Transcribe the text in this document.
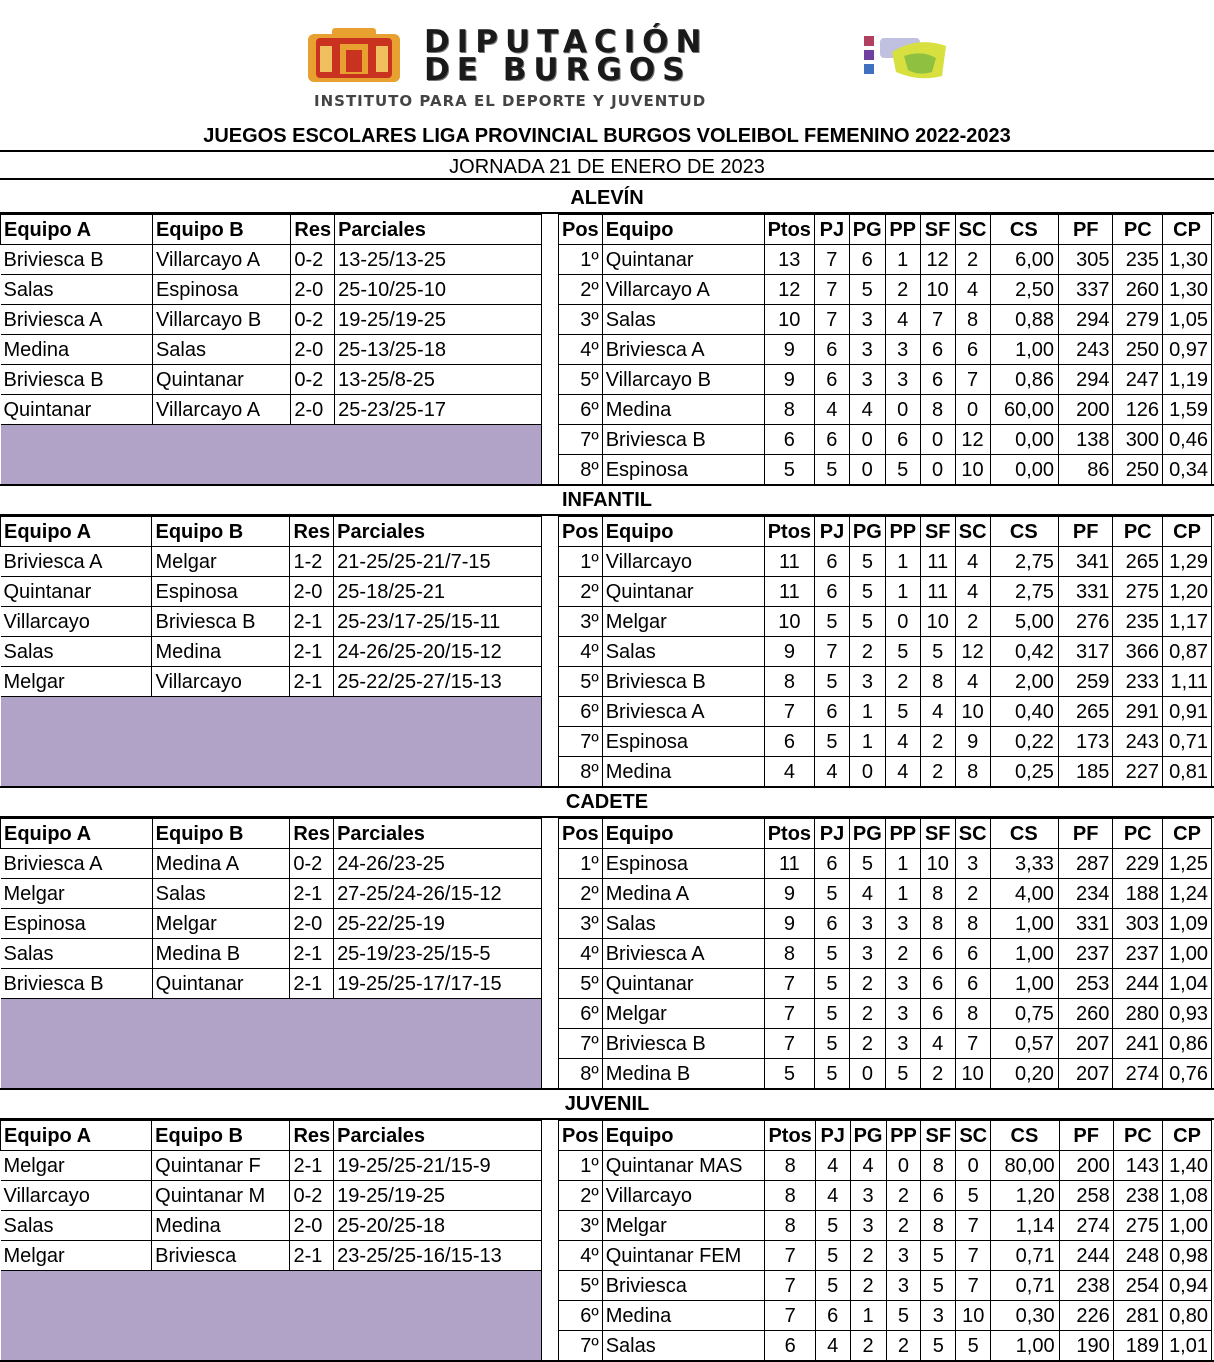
DIPUTACIÓN
DE BURGOS
INSTITUTO PARA EL DEPORTE Y JUVENTUD
JUEGOS ESCOLARES LIGA PROVINCIAL BURGOS VOLEIBOL FEMENINO 2022-2023
JORNADA 21 DE ENERO DE 2023
ALEVÍN
Equipo A	Equipo B	Res	Parciales
Briviesca B	Villarcayo A	0-2	13-25/13-25
Salas	Espinosa	2-0	25-10/25-10
Briviesca A	Villarcayo B	0-2	19-25/19-25
Medina	Salas	2-0	25-13/25-18
Briviesca B	Quintanar	0-2	13-25/8-25
Quintanar	Villarcayo A	2-0	25-23/25-17

Pos	Equipo	Ptos	PJ	PG	PP	SF	SC	CS	PF	PC	CP
1º	Quintanar	13	7	6	1	12	2	6,00	305	235	1,30
2º	Villarcayo A	12	7	5	2	10	4	2,50	337	260	1,30
3º	Salas	10	7	3	4	7	8	0,88	294	279	1,05
4º	Briviesca A	9	6	3	3	6	6	1,00	243	250	0,97
5º	Villarcayo B	9	6	3	3	6	7	0,86	294	247	1,19
6º	Medina	8	4	4	0	8	0	60,00	200	126	1,59
7º	Briviesca B	6	6	0	6	0	12	0,00	138	300	0,46
8º	Espinosa	5	5	0	5	0	10	0,00	86	250	0,34
INFANTIL
Equipo A	Equipo B	Res	Parciales
Briviesca A	Melgar	1-2	21-25/25-21/7-15
Quintanar	Espinosa	2-0	25-18/25-21
Villarcayo	Briviesca B	2-1	25-23/17-25/15-11
Salas	Medina	2-1	24-26/25-20/15-12
Melgar	Villarcayo	2-1	25-22/25-27/15-13

Pos	Equipo	Ptos	PJ	PG	PP	SF	SC	CS	PF	PC	CP
1º	Villarcayo	11	6	5	1	11	4	2,75	341	265	1,29
2º	Quintanar	11	6	5	1	11	4	2,75	331	275	1,20
3º	Melgar	10	5	5	0	10	2	5,00	276	235	1,17
4º	Salas	9	7	2	5	5	12	0,42	317	366	0,87
5º	Briviesca B	8	5	3	2	8	4	2,00	259	233	1,11
6º	Briviesca A	7	6	1	5	4	10	0,40	265	291	0,91
7º	Espinosa	6	5	1	4	2	9	0,22	173	243	0,71
8º	Medina	4	4	0	4	2	8	0,25	185	227	0,81
CADETE
Equipo A	Equipo B	Res	Parciales
Briviesca A	Medina A	0-2	24-26/23-25
Melgar	Salas	2-1	27-25/24-26/15-12
Espinosa	Melgar	2-0	25-22/25-19
Salas	Medina B	2-1	25-19/23-25/15-5
Briviesca B	Quintanar	2-1	19-25/25-17/17-15

Pos	Equipo	Ptos	PJ	PG	PP	SF	SC	CS	PF	PC	CP
1º	Espinosa	11	6	5	1	10	3	3,33	287	229	1,25
2º	Medina A	9	5	4	1	8	2	4,00	234	188	1,24
3º	Salas	9	6	3	3	8	8	1,00	331	303	1,09
4º	Briviesca A	8	5	3	2	6	6	1,00	237	237	1,00
5º	Quintanar	7	5	2	3	6	6	1,00	253	244	1,04
6º	Melgar	7	5	2	3	6	8	0,75	260	280	0,93
7º	Briviesca B	7	5	2	3	4	7	0,57	207	241	0,86
8º	Medina B	5	5	0	5	2	10	0,20	207	274	0,76
JUVENIL
Equipo A	Equipo B	Res	Parciales
Melgar	Quintanar F	2-1	19-25/25-21/15-9
Villarcayo	Quintanar M	0-2	19-25/19-25
Salas	Medina	2-0	25-20/25-18
Melgar	Briviesca	2-1	23-25/25-16/15-13

Pos	Equipo	Ptos	PJ	PG	PP	SF	SC	CS	PF	PC	CP
1º	Quintanar MAS	8	4	4	0	8	0	80,00	200	143	1,40
2º	Villarcayo	8	4	3	2	6	5	1,20	258	238	1,08
3º	Melgar	8	5	3	2	8	7	1,14	274	275	1,00
4º	Quintanar FEM	7	5	2	3	5	7	0,71	244	248	0,98
5º	Briviesca	7	5	2	3	5	7	0,71	238	254	0,94
6º	Medina	7	6	1	5	3	10	0,30	226	281	0,80
7º	Salas	6	4	2	2	5	5	1,00	190	189	1,01
